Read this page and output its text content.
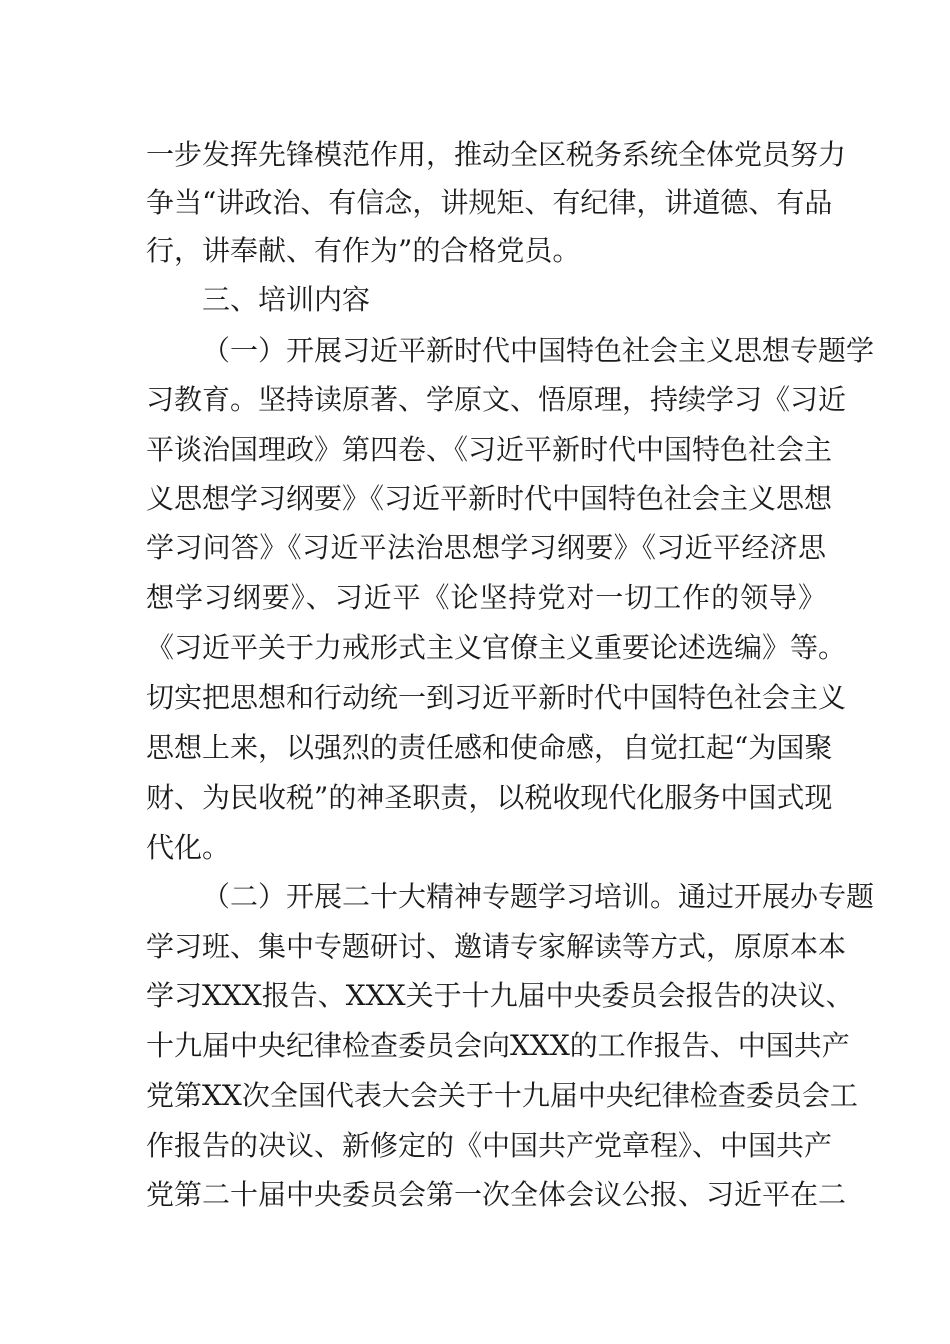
一步发挥先锋模范作用，推动全区税务系统全体党员努力
争当“讲政治、有信念，讲规矩、有纪律，讲道德、有品
行，讲奉献、有作为”的合格党员。
三、培训内容
（一）开展习近平新时代中国特色社会主义思想专题学
习教育。坚持读原著、学原文、悟原理，持续学习《习近
平谈治国理政》第四卷、《习近平新时代中国特色社会主
义思想学习纲要》《习近平新时代中国特色社会主义思想
学习问答》《习近平法治思想学习纲要》《习近平经济思
想学习纲要》、习近平《论坚持党对一切工作的领导》
《习近平关于力戒形式主义官僚主义重要论述选编》等。
切实把思想和行动统一到习近平新时代中国特色社会主义
思想上来，以强烈的责任感和使命感，自觉扛起“为国聚
财、为民收税”的神圣职责，以税收现代化服务中国式现
代化。
（二）开展二十大精神专题学习培训。通过开展办专题
学习班、集中专题研讨、邀请专家解读等方式，原原本本
学习XXX报告、XXX关于十九届中央委员会报告的决议、
十九届中央纪律检查委员会向XXX的工作报告、中国共产
党第XX次全国代表大会关于十九届中央纪律检查委员会工
作报告的决议、新修定的《中国共产党章程》、中国共产
党第二十届中央委员会第一次全体会议公报、习近平在二
